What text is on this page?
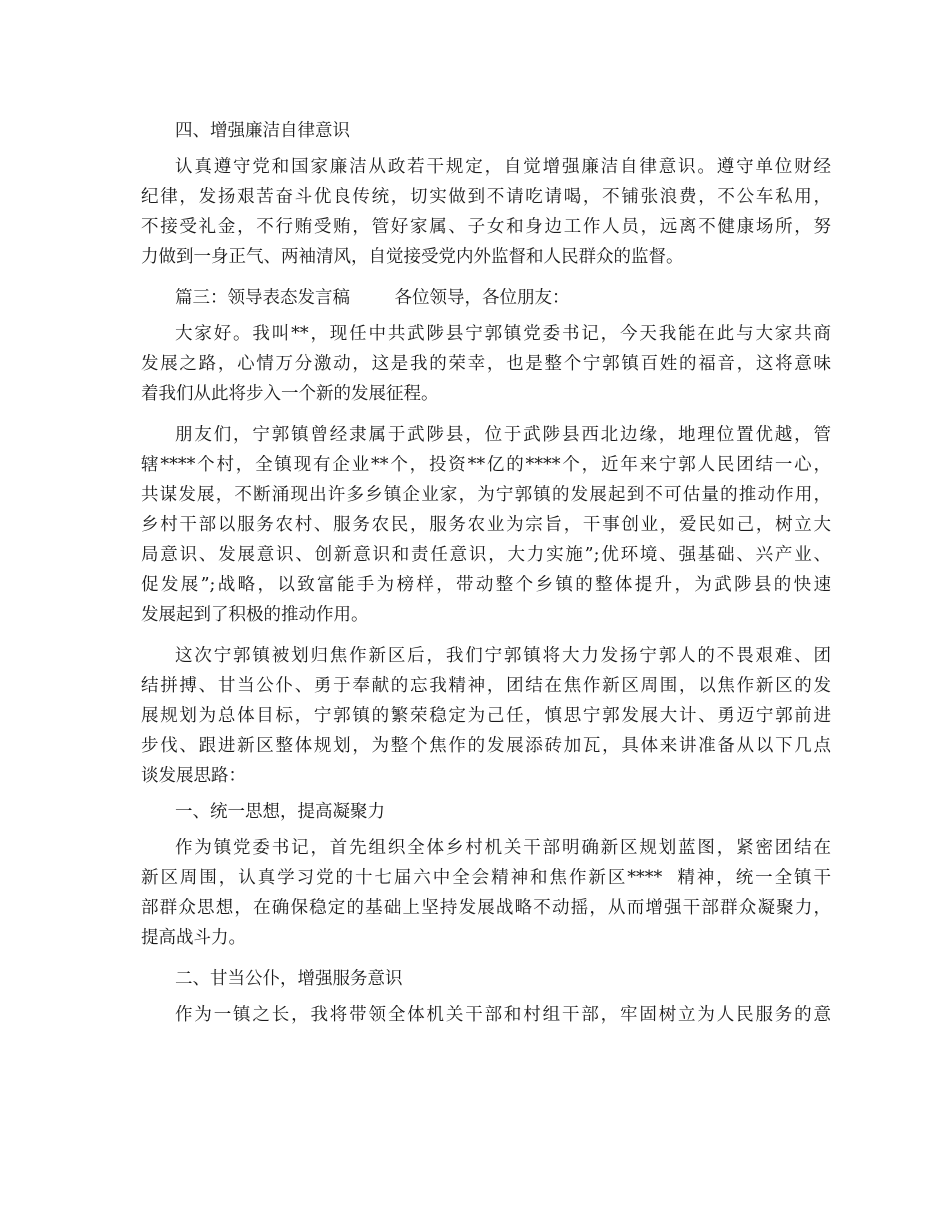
四、增强廉洁自律意识
认真遵守党和国家廉洁从政若干规定，自觉增强廉洁自律意识。遵守单位财经
纪律，发扬艰苦奋斗优良传统，切实做到不请吃请喝，不铺张浪费，不公车私用，
不接受礼金，不行贿受贿，管好家属、子女和身边工作人员，远离不健康场所，努
力做到一身正气、两袖清风，自觉接受党内外监督和人民群众的监督。
篇三：领导表态发言稿        各位领导，各位朋友：
大家好。我叫**，现任中共武陟县宁郭镇党委书记，今天我能在此与大家共商
发展之路，心情万分激动，这是我的荣幸，也是整个宁郭镇百姓的福音，这将意味
着我们从此将步入一个新的发展征程。
朋友们，宁郭镇曾经隶属于武陟县，位于武陟县西北边缘，地理位置优越，管
辖****个村，全镇现有企业**个，投资**亿的****个，近年来宁郭人民团结一心，
共谋发展，不断涌现出许多乡镇企业家，为宁郭镇的发展起到不可估量的推动作用，
乡村干部以服务农村、服务农民，服务农业为宗旨，干事创业，爱民如己，树立大
局意识、发展意识、创新意识和责任意识，大力实施”;优环境、强基础、兴产业、
促发展”;战略，以致富能手为榜样，带动整个乡镇的整体提升，为武陟县的快速
发展起到了积极的推动作用。
这次宁郭镇被划归焦作新区后，我们宁郭镇将大力发扬宁郭人的不畏艰难、团
结拼搏、甘当公仆、勇于奉献的忘我精神，团结在焦作新区周围，以焦作新区的发
展规划为总体目标，宁郭镇的繁荣稳定为己任，慎思宁郭发展大计、勇迈宁郭前进
步伐、跟进新区整体规划，为整个焦作的发展添砖加瓦，具体来讲准备从以下几点
谈发展思路：
一、统一思想，提高凝聚力
作为镇党委书记，首先组织全体乡村机关干部明确新区规划蓝图，紧密团结在
新区周围，认真学习党的十七届六中全会精神和焦作新区****  精神，统一全镇干
部群众思想，在确保稳定的基础上坚持发展战略不动摇，从而增强干部群众凝聚力，
提高战斗力。
二、甘当公仆，增强服务意识
作为一镇之长，我将带领全体机关干部和村组干部，牢固树立为人民服务的意
